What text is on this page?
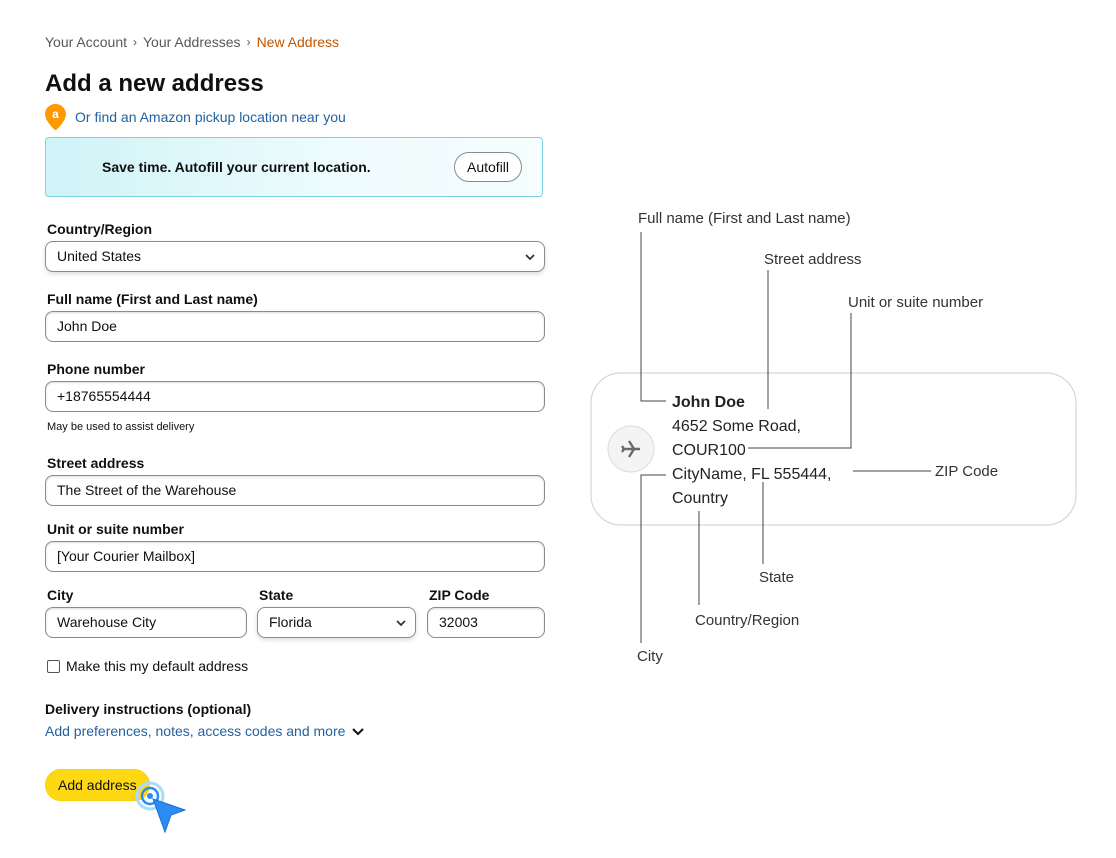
Your Account › Your Addresses › New Address
Add a new address
a Or find an Amazon pickup location near you
Save time. Autofill your current location.	Autofill
Country/Region
United States
Full name (First and Last name)
John Doe
Phone number
+18765554444
May be used to assist delivery
Street address
The Street of the Warehouse
Unit or suite number
[Your Courier Mailbox]
City
Warehouse City
State
Florida
ZIP Code
32003
Make this my default address
Delivery instructions (optional)
Add preferences, notes, access codes and more
Add address
John Doe
4652 Some Road,
COUR100
CityName, FL 555444,
Country
Full name (First and Last name)
Street address
Unit or suite number
ZIP Code
State
Country/Region
City
